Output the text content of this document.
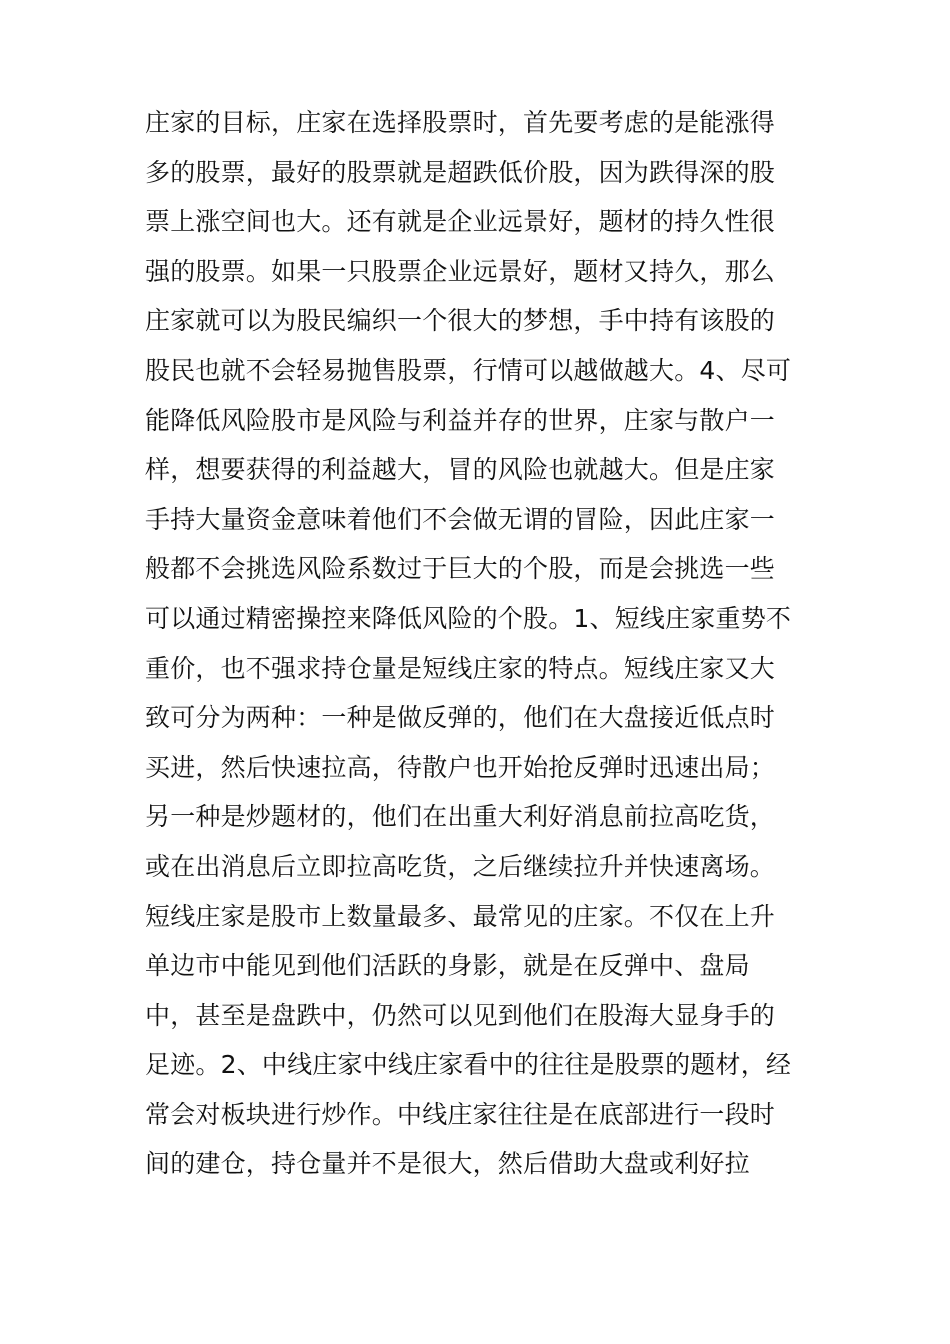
庄家的目标，庄家在选择股票时，首先要考虑的是能涨得
多的股票，最好的股票就是超跌低价股，因为跌得深的股
票上涨空间也大。还有就是企业远景好，题材的持久性很
强的股票。如果一只股票企业远景好，题材又持久，那么
庄家就可以为股民编织一个很大的梦想，手中持有该股的
股民也就不会轻易抛售股票，行情可以越做越大。4、尽可
能降低风险股市是风险与利益并存的世界，庄家与散户一
样，想要获得的利益越大，冒的风险也就越大。但是庄家
手持大量资金意味着他们不会做无谓的冒险，因此庄家一
般都不会挑选风险系数过于巨大的个股，而是会挑选一些
可以通过精密操控来降低风险的个股。1、短线庄家重势不
重价，也不强求持仓量是短线庄家的特点。短线庄家又大
致可分为两种：一种是做反弹的，他们在大盘接近低点时
买进，然后快速拉高，待散户也开始抢反弹时迅速出局；
另一种是炒题材的，他们在出重大利好消息前拉高吃货，
或在出消息后立即拉高吃货，之后继续拉升并快速离场。
短线庄家是股市上数量最多、最常见的庄家。不仅在上升
单边市中能见到他们活跃的身影，就是在反弹中、盘局
中，甚至是盘跌中，仍然可以见到他们在股海大显身手的
足迹。2、中线庄家中线庄家看中的往往是股票的题材，经
常会对板块进行炒作。中线庄家往往是在底部进行一段时
间的建仓，持仓量并不是很大，然后借助大盘或利好拉
